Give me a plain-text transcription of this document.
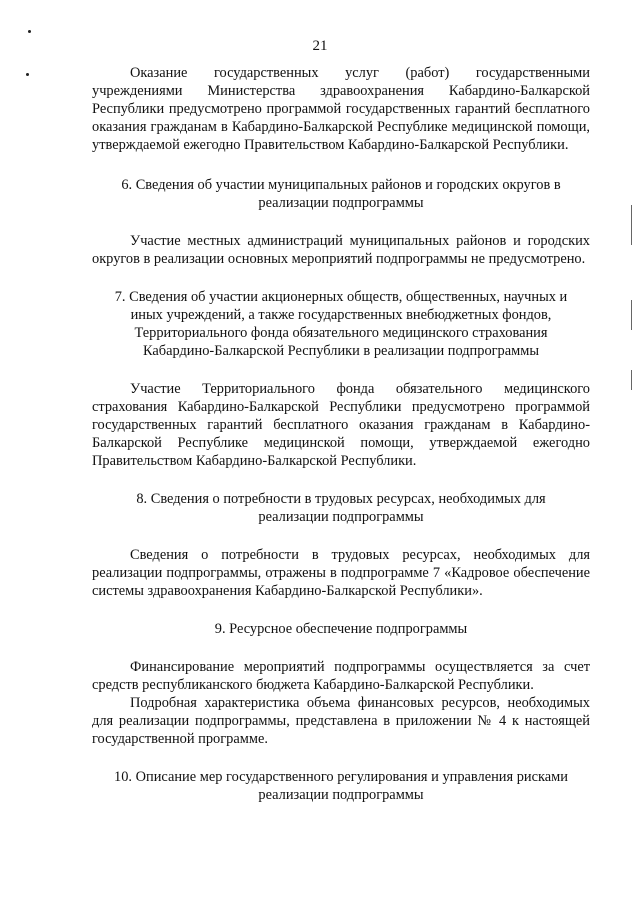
21

Оказание государственных услуг (работ) государственными учреждениями Министерства здравоохранения Кабардино-Балкарской Республики предусмотрено программой государственных гарантий бесплатного оказания гражданам в Кабардино-Балкарской Республике медицинской помощи, утверждаемой ежегодно Правительством Кабардино-Балкарской Республики.

6. Сведения об участии муниципальных районов и городских округов в

реализации подпрограммы

Участие местных администраций муниципальных районов и городских округов в реализации основных мероприятий подпрограммы не предусмотрено.

7. Сведения об участии акционерных обществ, общественных, научных и

иных учреждений, а также государственных внебюджетных фондов,

Территориального фонда обязательного медицинского страхования

Кабардино-Балкарской Республики в реализации подпрограммы

Участие Территориального фонда обязательного медицинского страхования Кабардино-Балкарской Республики предусмотрено программой государственных гарантий бесплатного оказания гражданам в Кабардино-Балкарской Республике медицинской помощи, утверждаемой ежегодно Правительством Кабардино-Балкарской Республики.

8. Сведения о потребности в трудовых ресурсах, необходимых для

реализации подпрограммы

Сведения о потребности в трудовых ресурсах, необходимых для реализации подпрограммы, отражены в подпрограмме 7 «Кадровое обеспечение системы здравоохранения Кабардино-Балкарской Республики».

9. Ресурсное обеспечение подпрограммы

Финансирование мероприятий подпрограммы осуществляется за счет средств республиканского бюджета Кабардино-Балкарской Республики.

Подробная характеристика объема финансовых ресурсов, необходимых для реализации подпрограммы, представлена в приложении № 4 к настоящей государственной программе.

10. Описание мер государственного регулирования и управления рисками

реализации подпрограммы
